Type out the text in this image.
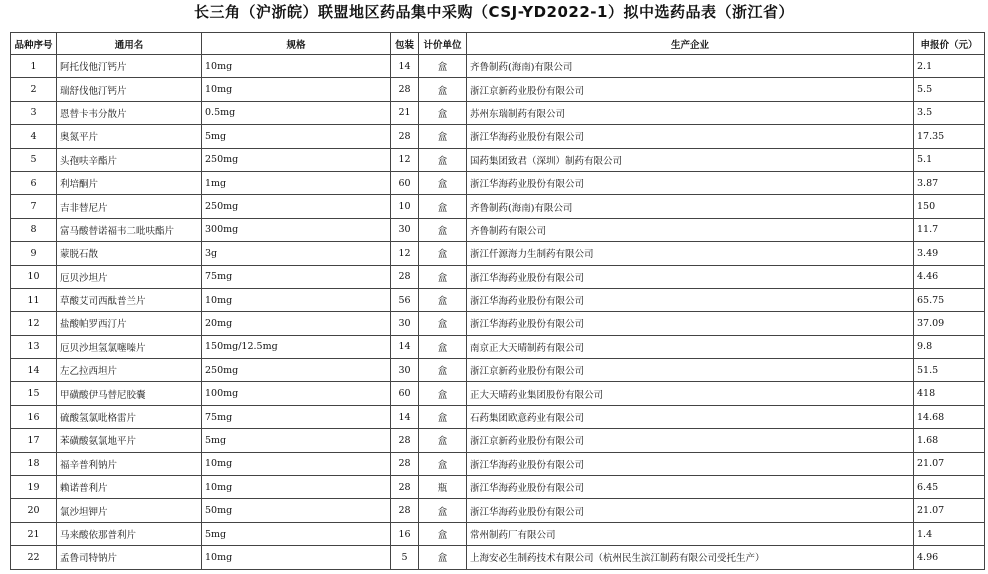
长三角（沪浙皖）联盟地区药品集中采购（CSJ-YD2022-1）拟中选药品表（浙江省）
品种序号	通用名	规格	包装	计价单位	生产企业	申报价（元）
1	阿托伐他汀钙片	10mg	14	盒	齐鲁制药(海南)有限公司	2.1
2	瑞舒伐他汀钙片	10mg	28	盒	浙江京新药业股份有限公司	5.5
3	恩替卡韦分散片	0.5mg	21	盒	苏州东瑞制药有限公司	3.5
4	奥氮平片	5mg	28	盒	浙江华海药业股份有限公司	17.35
5	头孢呋辛酯片	250mg	12	盒	国药集团致君（深圳）制药有限公司	5.1
6	利培酮片	1mg	60	盒	浙江华海药业股份有限公司	3.87
7	吉非替尼片	250mg	10	盒	齐鲁制药(海南)有限公司	150
8	富马酸替诺福韦二吡呋酯片	300mg	30	盒	齐鲁制药有限公司	11.7
9	蒙脱石散	3g	12	盒	浙江仟源海力生制药有限公司	3.49
10	厄贝沙坦片	75mg	28	盒	浙江华海药业股份有限公司	4.46
11	草酸艾司西酞普兰片	10mg	56	盒	浙江华海药业股份有限公司	65.75
12	盐酸帕罗西汀片	20mg	30	盒	浙江华海药业股份有限公司	37.09
13	厄贝沙坦氢氯噻嗪片	150mg/12.5mg	14	盒	南京正大天晴制药有限公司	9.8
14	左乙拉西坦片	250mg	30	盒	浙江京新药业股份有限公司	51.5
15	甲磺酸伊马替尼胶囊	100mg	60	盒	正大天晴药业集团股份有限公司	418
16	硫酸氢氯吡格雷片	75mg	14	盒	石药集团欧意药业有限公司	14.68
17	苯磺酸氨氯地平片	5mg	28	盒	浙江京新药业股份有限公司	1.68
18	福辛普利钠片	10mg	28	盒	浙江华海药业股份有限公司	21.07
19	赖诺普利片	10mg	28	瓶	浙江华海药业股份有限公司	6.45
20	氯沙坦钾片	50mg	28	盒	浙江华海药业股份有限公司	21.07
21	马来酸依那普利片	5mg	16	盒	常州制药厂有限公司	1.4
22	孟鲁司特钠片	10mg	5	盒	上海安必生制药技术有限公司（杭州民生滨江制药有限公司受托生产）	4.96
